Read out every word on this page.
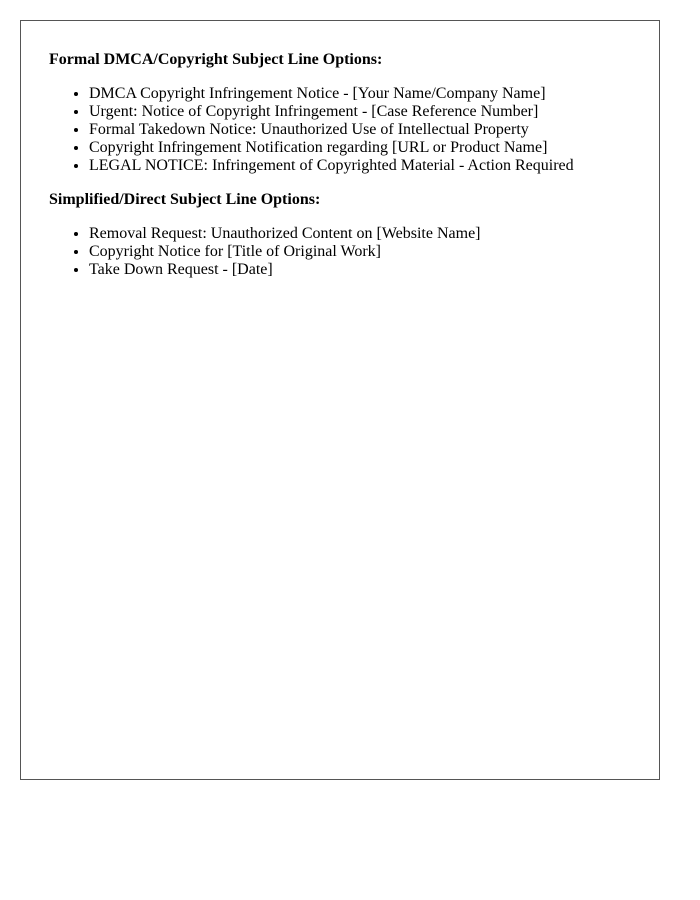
Formal DMCA/Copyright Subject Line Options:

• DMCA Copyright Infringement Notice - [Your Name/Company Name]
• Urgent: Notice of Copyright Infringement - [Case Reference Number]
• Formal Takedown Notice: Unauthorized Use of Intellectual Property
• Copyright Infringement Notification regarding [URL or Product Name]
• LEGAL NOTICE: Infringement of Copyrighted Material - Action Required

Simplified/Direct Subject Line Options:

• Removal Request: Unauthorized Content on [Website Name]
• Copyright Notice for [Title of Original Work]
• Take Down Request - [Date]
